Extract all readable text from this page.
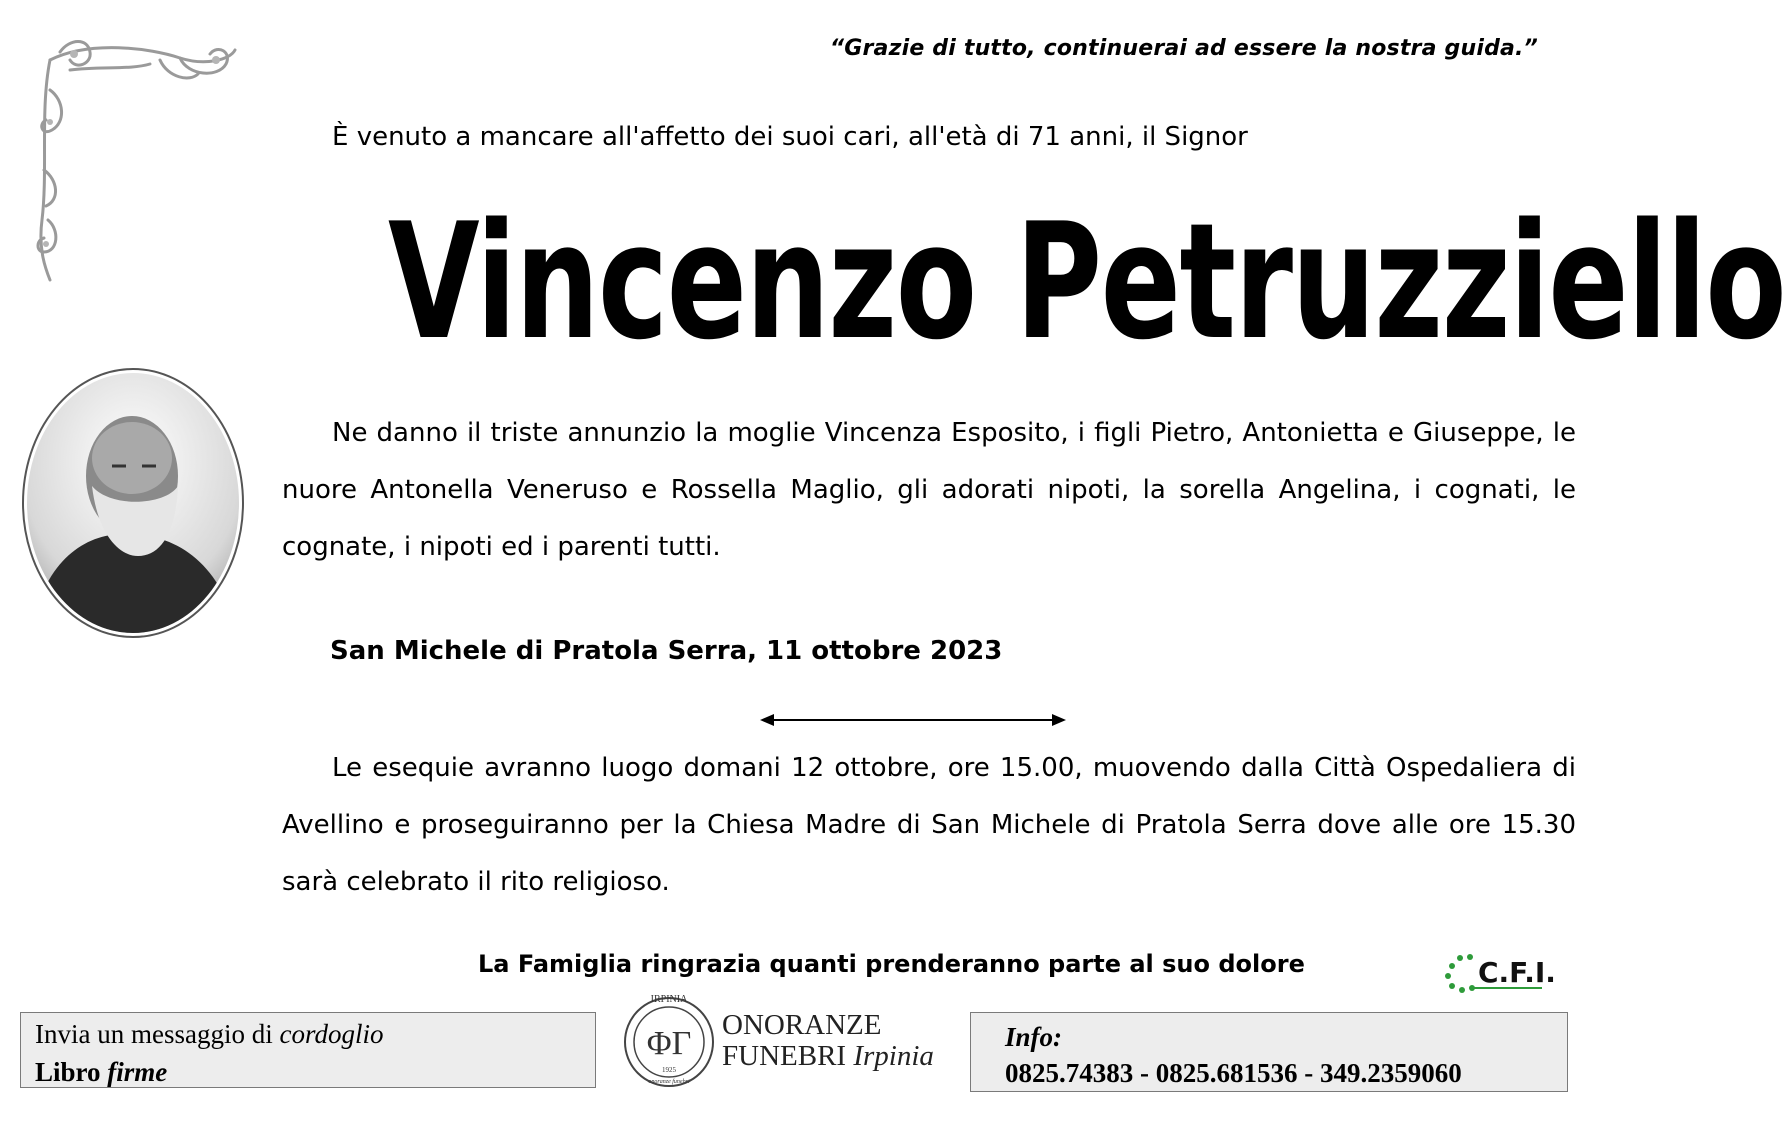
“Grazie di tutto, continuerai ad essere la nostra guida.”
È venuto a mancare all'affetto dei suoi cari, all'età di 71 anni, il Signor
Vincenzo Petruzziello
Ne danno il triste annunzio la moglie Vincenza Esposito, i figli Pietro, Antonietta e Giuseppe, le nuore Antonella Veneruso e Rossella Maglio, gli adorati nipoti, la sorella Angelina, i cognati, le cognate, i nipoti ed i parenti tutti.
San Michele di Pratola Serra, 11 ottobre 2023
Le esequie avranno luogo domani 12 ottobre, ore 15.00, muovendo dalla Città Ospedaliera di Avellino e proseguiranno per la Chiesa Madre di San Michele di Pratola Serra dove alle ore 15.30 sarà celebrato il rito religioso.
La Famiglia ringrazia quanti prenderanno parte al suo dolore	C.F.I.
Invia un messaggio di cordoglio
Libro firme
IRPINIA
ΦΓ
1925
onoranze funebri
ONORANZE
FUNEBRI Irpinia
Info:
0825.74383 - 0825.681536 - 349.2359060
